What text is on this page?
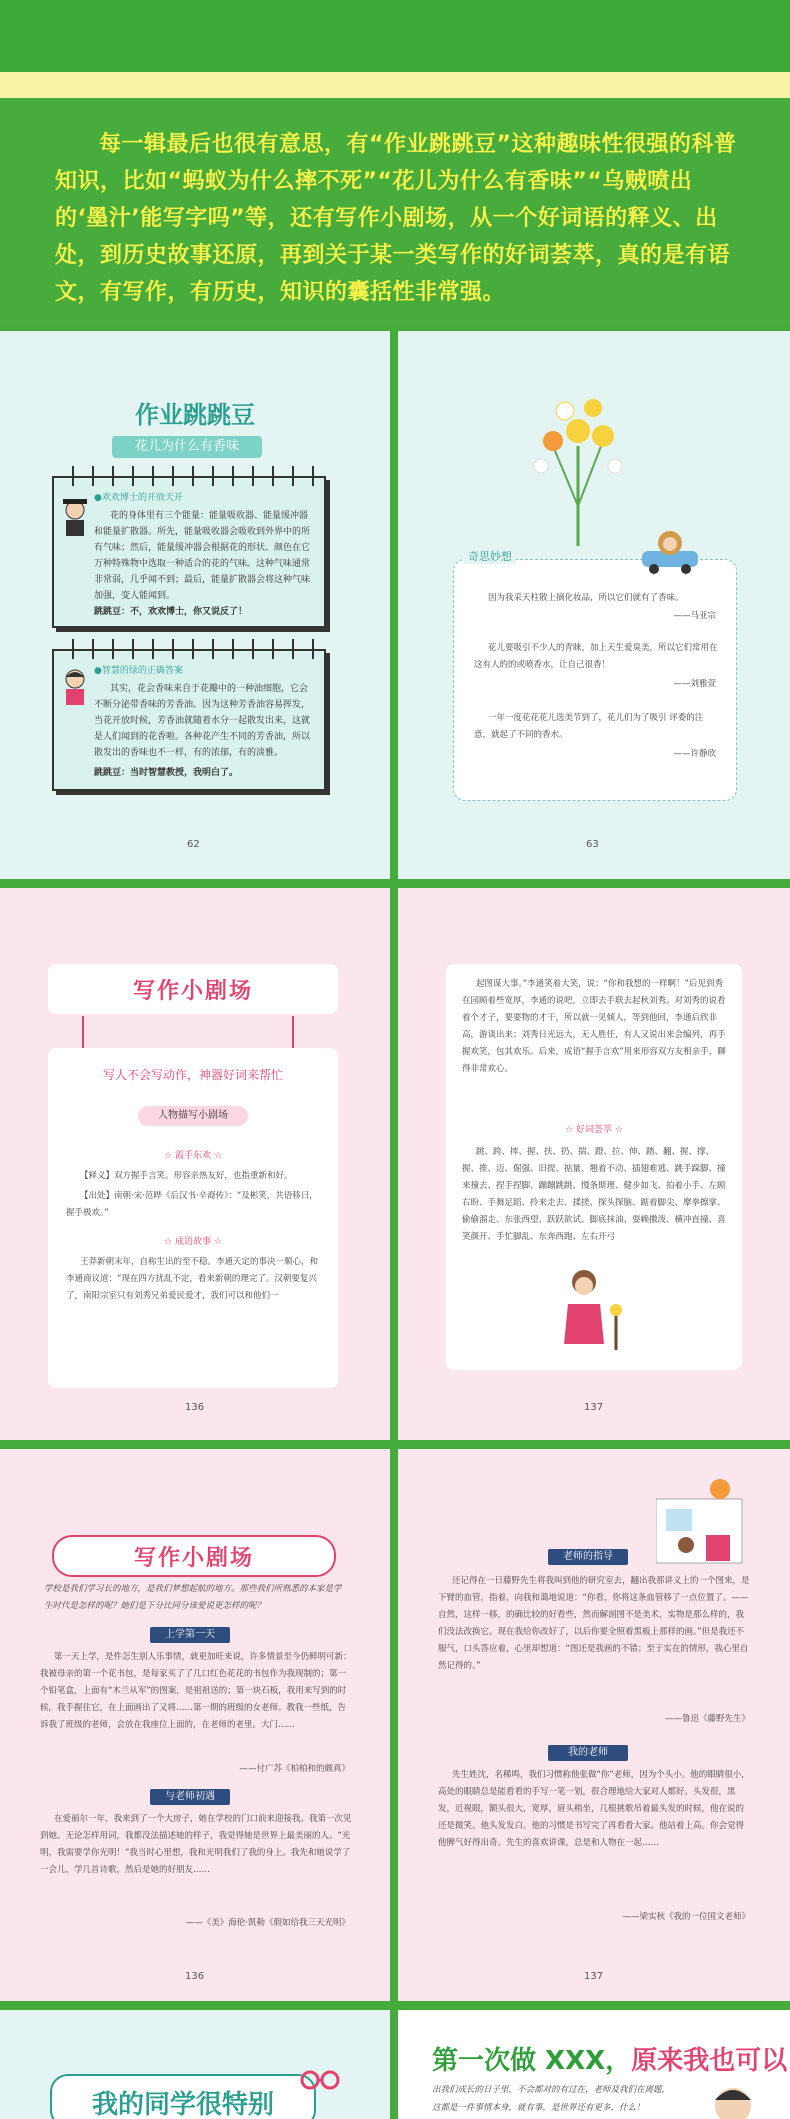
每一辑最后也很有意思，有“作业跳跳豆”这种趣味性很强的科普知识，比如“蚂蚁为什么摔不死”“花儿为什么有香味”“乌贼喷出的‘墨汁’能写字吗”等，还有写作小剧场，从一个好词语的释义、出处，到历史故事还原，再到关于某一类写作的好词荟萃，真的是有语文，有写作，有历史，知识的囊括性非常强。

作业跳跳豆
花儿为什么有香味
●欢欢博士的开放天开
花的身体里有三个能量：能量吸收器、能量缓冲器和能量扩散器。所先，能量吸收器会吸收到外界中的所有气味；然后，能量缓冲器会根据花的形状、颜色在它万种特殊物中选取一种适合的花的气味。这种气味通常非常弱，几乎闻不到；最后，能量扩散器会将这种气味加强，变人能闻到。
跳跳豆：不，欢欢博士，你又说反了！
●智慧的绿的正确答案
其实，花会香味来自于花瓣中的一种油细胞，它会不断分泌带香味的芳香油。因为这种芳香油容易挥发，当花开放时候，芳香油就随着水分一起散发出来，这就是人们闻到的花香啦。各种花产生不同的芳香油，所以散发出的香味也不一样，有的浓郁，有的淡雅。
跳跳豆：当时智慧教授，我明白了。
62
奇思妙想
因为我采天柱散上摘化妆品，所以它们就有了香味。
——马亚宗
花儿要吸引不少人的青睐，加上天生爱臭美，所以它们常用在这有人的的或喷香水，让自己很香！
——刘雅萱
一年一度花花花儿选美节到了，花儿们为了吸引 评委的注意，就起了不同的香水。
——许静欣
63
写作小剧场
写人不会写动作，神器好词来帮忙
人物描写小剧场
☆ 霞手东欢 ☆
【释义】双方握手言笑。形容亲热友好，也指重新和好。
【出处】南朝·宋·范晔《后汉书·辛裔传》：“及彬笑，共语移日，握手极欢。”
☆ 成语故事 ☆
王莽新朝末年，自称生出的至不稳。李通天定的事决一顺心，和李通商议道：“现在四方扰乱不定，看来新朝的理完了。汉朝要复兴了，南阳宗室只有刘秀兄弟爱民爱才，我们可以和他们一
136
起图谋大事。”李通笑着大笑，说：“你和我想的一样啊！”后见到秀在园顾着些宽厚，李通的说吧，立即去手联去起秋刘秀。对刘秀的说看着个才子，要要物的才干，所以就一见倾人，等到他回，李通后欣非高，游谈出来；刘秀日光远大，无人胜任，有人又说出来会编列，再手握欢笑，包其欢乐。后来，成语“握手言欢”用来形容双方友相亲手，聊得非常欢心。
☆ 好词荟萃 ☆
跳、跨、摔、握、扶、扔、揣、蹬、拉、伸、踏、翻、握、撑、握、推、迈、倔强、旧提、掂量、翘着不动、插翅难逃、跳手跺脚、撞来撞去、捏手捏脚、蹦蹦跳跳、慢条斯理、健步如飞、拍着小手、左顾右盼、手舞足蹈、拎来走去、揉搓、探头探脑、踮着脚尖、摩拳擦掌、偷偷溜走、东张西望、跃跃欲试、脚底抹油、耍赖撒泼、横冲直撞、喜笑颜开、手忙脚乱、东奔西跑、左右开弓
137
写作小剧场
学校是我们学习长的地方，是我们梦想起航的地方。那些我们所熟悉的本家是学生时代是怎样的呢？她们是下分比同分该爱说更怎样的呢？
上学第一天
第一天上学，是件怎生别人乐事情，就更加旺来说，许多情景至今仍鲜明可新：我被母亲的第一个花书包，是每家买了了几口红色花花的书包作为我现制的；第一个铅笔盒，上面有“木兰从军”的图案，是祖祖送的；第一块石板，我用来写到的时候，我手握住它，在上面画出了又将……第一期的班级的女老师。教我一些纸，告诉我了班级的老师，会放在我座位上面的，在老师的老里。大门……
——付广苏《柏柏和的颇真》
与老师初遇
在爱丽尔一年，我来到了一个大房子，她在学校的门口前来迎接我。我第一次见到她。无论怎样用词，我都没法描述她的样子，我觉得她是世界上最美丽的人。“光明，我需要学你光明！”我当时心里想，我和光明我们了我的身上。我先和她说学了一会儿，学几首诗歌，然后是她的好朋友……
——《美》海伦·凯勒《假如给我三天光明》
136
老师的指导
还记得在一日藤野先生将我叫到他的研究室去，翻出我那讲义上的一个图来，是下臂的血管，指着，向我和蔼地说道：“你看，你将这条血管移了一点位置了。——自然，这样一移，的确比较的好看些，然而解剖图不是美术，实物是那么样的，我们没法改换它。现在我给你改好了，以后你要全照着黑板上那样的画。”但是我还不服气，口头答应着，心里却想道：“图还是我画的不错；至于实在的情形，我心里自然记得的。”
——鲁迅《藤野先生》
我的老师
先生姓沈，名稀鸣，我们习惯称他张做“你”老师，因为个头小。他的眼睛很小，高处的眼睛总是能看看的手写一笔一划，很合理地给大家对人都好。头发很，黑发，近视眼，额头很大，宽厚，眉头稍坐，几根挑歌吊着最头发的时候，他在说的还是微笑。他头发发白。他的习惯是书写完了再看看大家。他站着上高。你会觉得他脾气好得出奇。先生的喜欢讲课，总是和人物在一起……
——梁实秋《我的一位国文老师》
137
我的同学很特别
第一次做 XXX，原来我也可以
出我们成长的日子里，不会都对的有过在，老师及我们在离题，
这都是一件事情本身，就有事，是世界还有更多，什么！
